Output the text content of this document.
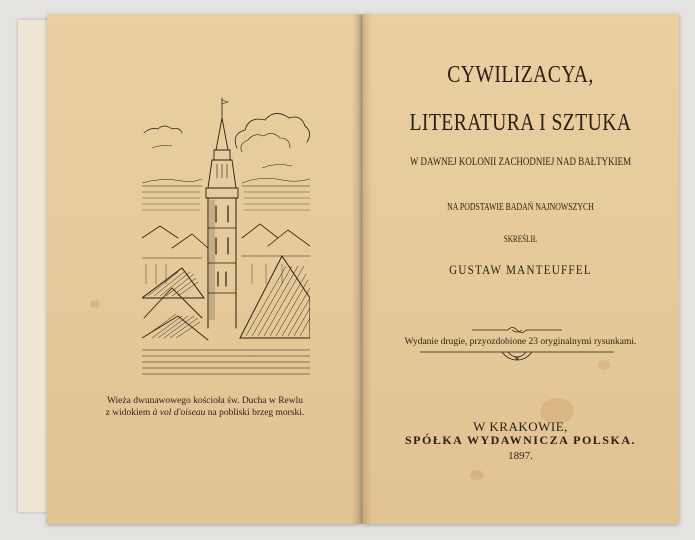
Wieża dwunawowego kościoła św. Ducha w Rewlu
z widokiem à vol d'oiseau na pobliski brzeg morski.
CYWILIZACYA,
LITERATURA I SZTUKA
W DAWNEJ KOLONII ZACHODNIEJ NAD BAŁTYKIEM
NA PODSTAWIE BADAŃ NAJNOWSZYCH
SKREŚLIŁ
GUSTAW MANTEUFFEL
Wydanie drugie, przyozdobione 23 oryginalnymi rysunkami.
W KRAKOWIE,
SPÓŁKA WYDAWNICZA POLSKA.
1897.
